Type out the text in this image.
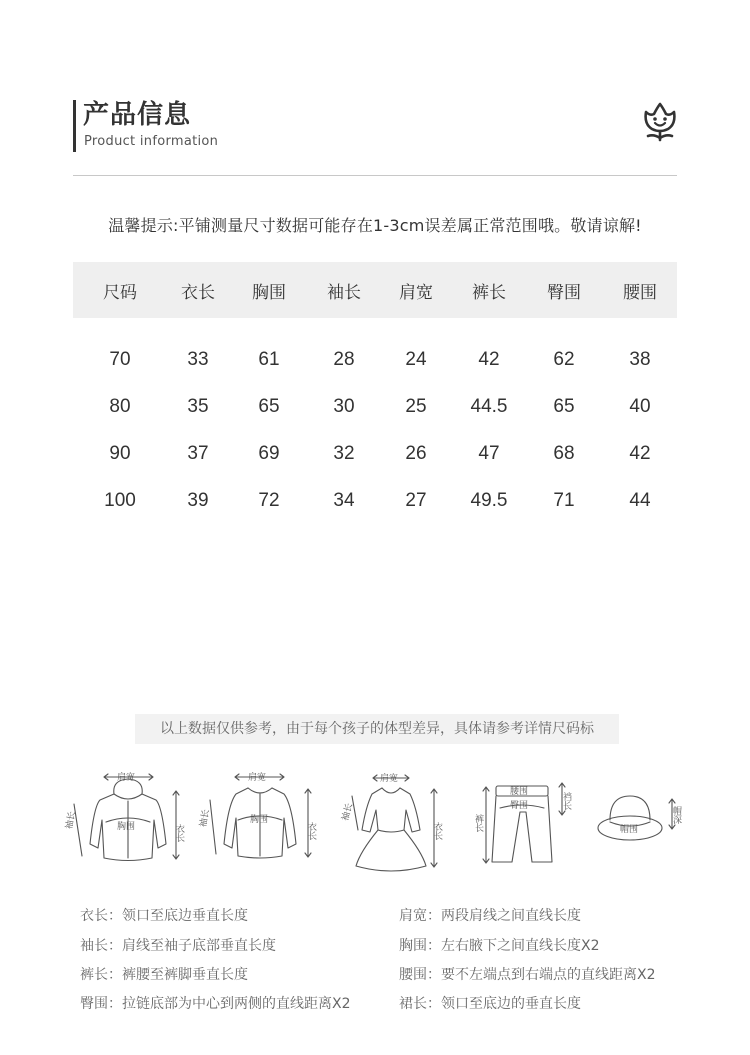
产品信息
Product information
温馨提示:平铺测量尺寸数据可能存在1-3cm误差属正常范围哦。敬请谅解!
尺码	衣长	胸围	袖长	肩宽	裤长	臀围	腰围
70	33	61	28	24	42	62	38
80	35	65	30	25	44.5	65	40
90	37	69	32	26	47	68	42
100	39	72	34	27	49.5	71	44
以上数据仅供参考，由于每个孩子的体型差异，具体请参考详情尺码标
肩宽
胸围
袖长
衣长
肩宽
胸围
袖长
衣长
肩宽
袖长
衣长
腰围
臀围
裤长
裆长
帽围
帽深
衣长：领口至底边垂直长度	肩宽：两段肩线之间直线长度
袖长：肩线至袖子底部垂直长度	胸围：左右腋下之间直线长度X2
裤长：裤腰至裤脚垂直长度	腰围：要不左端点到右端点的直线距离X2
臀围：拉链底部为中心到两侧的直线距离X2	裙长：领口至底边的垂直长度
